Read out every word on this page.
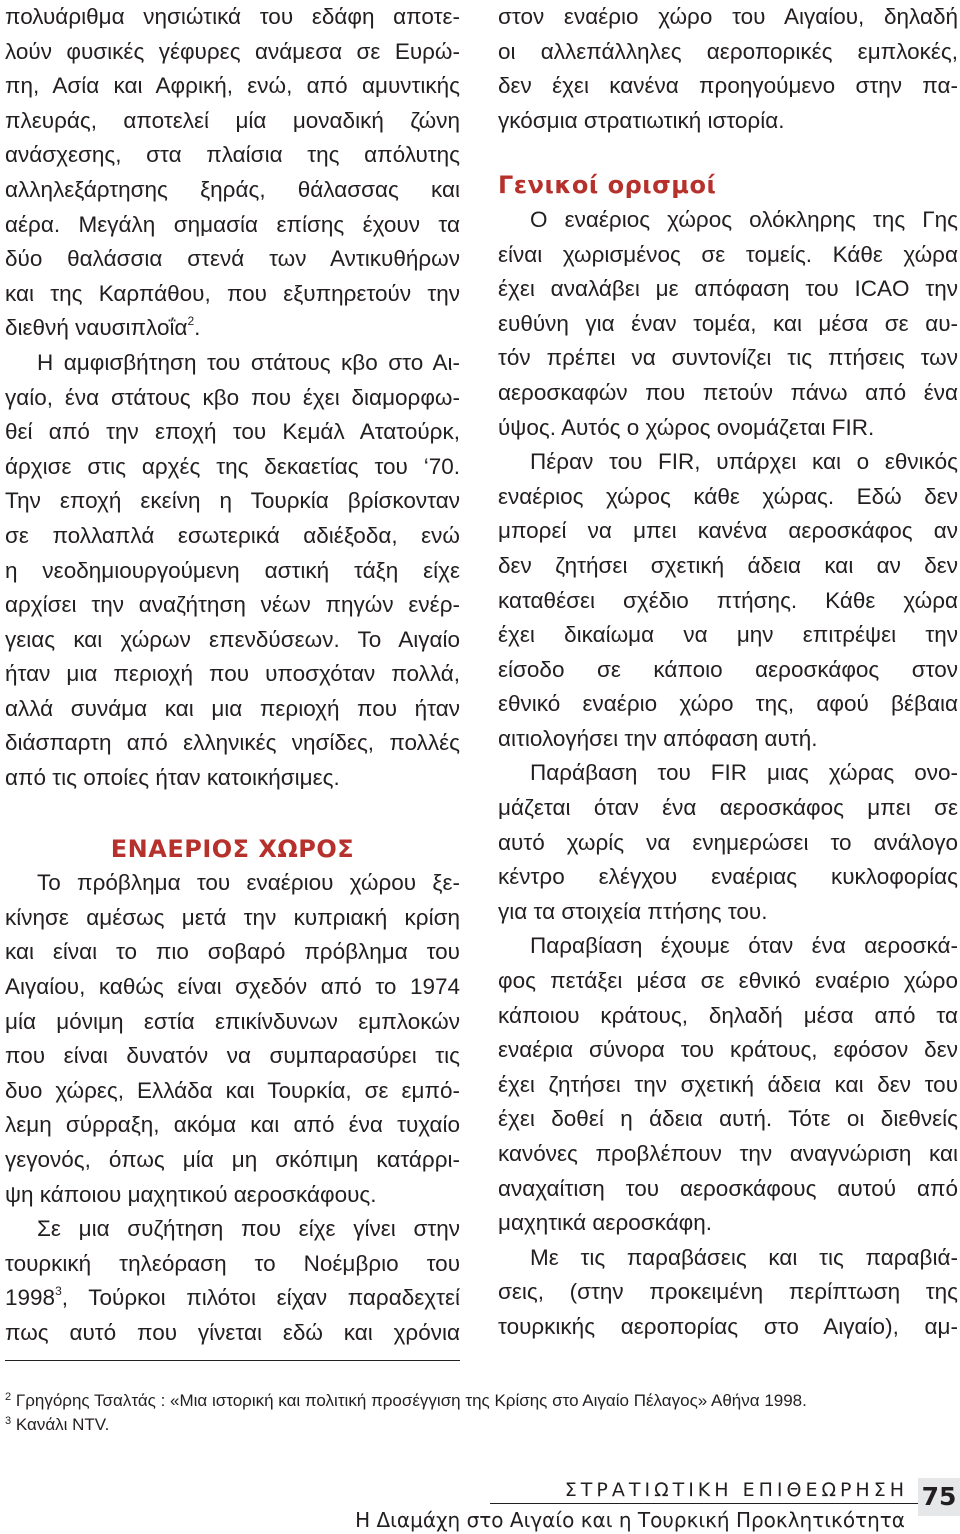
πολυάριθμα νησιώτικά του εδάφη αποτε-
λούν φυσικές γέφυρες ανάμεσα σε Ευρώ-
πη, Ασία και Αφρική, ενώ, από αμυντικής
πλευράς, αποτελεί μία μοναδική ζώνη
ανάσχεσης, στα πλαίσια της απόλυτης
αλληλεξάρτησης ξηράς, θάλασσας και
αέρα. Μεγάλη σημασία επίσης έχουν τα
δύο θαλάσσια στενά των Αντικυθήρων
και της Καρπάθου, που εξυπηρετούν την
διεθνή ναυσιπλοΐα$^2$.
Η αμφισβήτηση του στάτους κβο στο Αι-
γαίο, ένα στάτους κβο που έχει διαμορφω-
θεί από την εποχή του Κεμάλ Ατατούρκ,
άρχισε στις αρχές της δεκαετίας του ‘70.
Την εποχή εκείνη η Τουρκία βρίσκονταν
σε πολλαπλά εσωτερικά αδιέξοδα, ενώ
η νεοδημιουργούμενη αστική τάξη είχε
αρχίσει την αναζήτηση νέων πηγών ενέρ-
γειας και χώρων επενδύσεων. Το Αιγαίο
ήταν μια περιοχή που υποσχόταν πολλά,
αλλά συνάμα και μια περιοχή που ήταν
διάσπαρτη από ελληνικές νησίδες, πολλές
από τις οποίες ήταν κατοικήσιμες.
ΕΝΑΕΡΙΟΣ ΧΩΡΟΣ
Το πρόβλημα του εναέριου χώρου ξε-
κίνησε αμέσως μετά την κυπριακή κρίση
και είναι το πιο σοβαρό πρόβλημα του
Αιγαίου, καθώς είναι σχεδόν από το 1974
μία μόνιμη εστία επικίνδυνων εμπλοκών
που είναι δυνατόν να συμπαρασύρει τις
δυο χώρες, Ελλάδα και Τουρκία, σε εμπό-
λεμη σύρραξη, ακόμα και από ένα τυχαίο
γεγονός, όπως μία μη σκόπιμη κατάρρι-
ψη κάποιου μαχητικού αεροσκάφους.
Σε μια συζήτηση που είχε γίνει στην
τουρκική τηλεόραση το Νοέμβριο του
1998$^3$, Τούρκοι πιλότοι είχαν παραδεχτεί
πως αυτό που γίνεται εδώ και χρόνια
στον εναέριο χώρο του Αιγαίου, δηλαδή
οι αλλεπάλληλες αεροπορικές εμπλοκές,
δεν έχει κανένα προηγούμενο στην πα-
γκόσμια στρατιωτική ιστορία.
Γενικοί ορισμοί
Ο εναέριος χώρος ολόκληρης της Γης
είναι χωρισμένος σε τομείς. Κάθε χώρα
έχει αναλάβει με απόφαση του ICAO την
ευθύνη για έναν τομέα, και μέσα σε αυ-
τόν πρέπει να συντονίζει τις πτήσεις των
αεροσκαφών που πετούν πάνω από ένα
ύψος. Αυτός ο χώρος ονομάζεται FIR.
Πέραν του FIR, υπάρχει και ο εθνικός
εναέριος χώρος κάθε χώρας. Εδώ δεν
μπορεί να μπει κανένα αεροσκάφος αν
δεν ζητήσει σχετική άδεια και αν δεν
καταθέσει σχέδιο πτήσης. Κάθε χώρα
έχει δικαίωμα να μην επιτρέψει την
είσοδο σε κάποιο αεροσκάφος στον
εθνικό εναέριο χώρο της, αφού βέβαια
αιτιολογήσει την απόφαση αυτή.
Παράβαση του FIR μιας χώρας ονο-
μάζεται όταν ένα αεροσκάφος μπει σε
αυτό χωρίς να ενημερώσει το ανάλογο
κέντρο ελέγχου εναέριας κυκλοφορίας
για τα στοιχεία πτήσης του.
Παραβίαση έχουμε όταν ένα αεροσκά-
φος πετάξει μέσα σε εθνικό εναέριο χώρο
κάποιου κράτους, δηλαδή μέσα από τα
εναέρια σύνορα του κράτους, εφόσον δεν
έχει ζητήσει την σχετική άδεια και δεν του
έχει δοθεί η άδεια αυτή. Τότε οι διεθνείς
κανόνες προβλέπουν την αναγνώριση και
αναχαίτιση του αεροσκάφους αυτού από
μαχητικά αεροσκάφη.
Με τις παραβάσεις και τις παραβιά-
σεις, (στην προκειμένη περίπτωση της
τουρκικής αεροπορίας στο Αιγαίο), αμ-
$^2$ Γρηγόρης Τσαλτάς : «Μια ιστορική και πολιτική προσέγγιση της Κρίσης στο Αιγαίο Πέλαγος» Αθήνα 1998.
$^3$ Κανάλι NTV.
ΣΤΡΑΤΙΩΤΙΚΗ ΕΠΙΘΕΩΡΗΣΗ 75
Η Διαμάχη στο Αιγαίο και η Τουρκική Προκλητικότητα
